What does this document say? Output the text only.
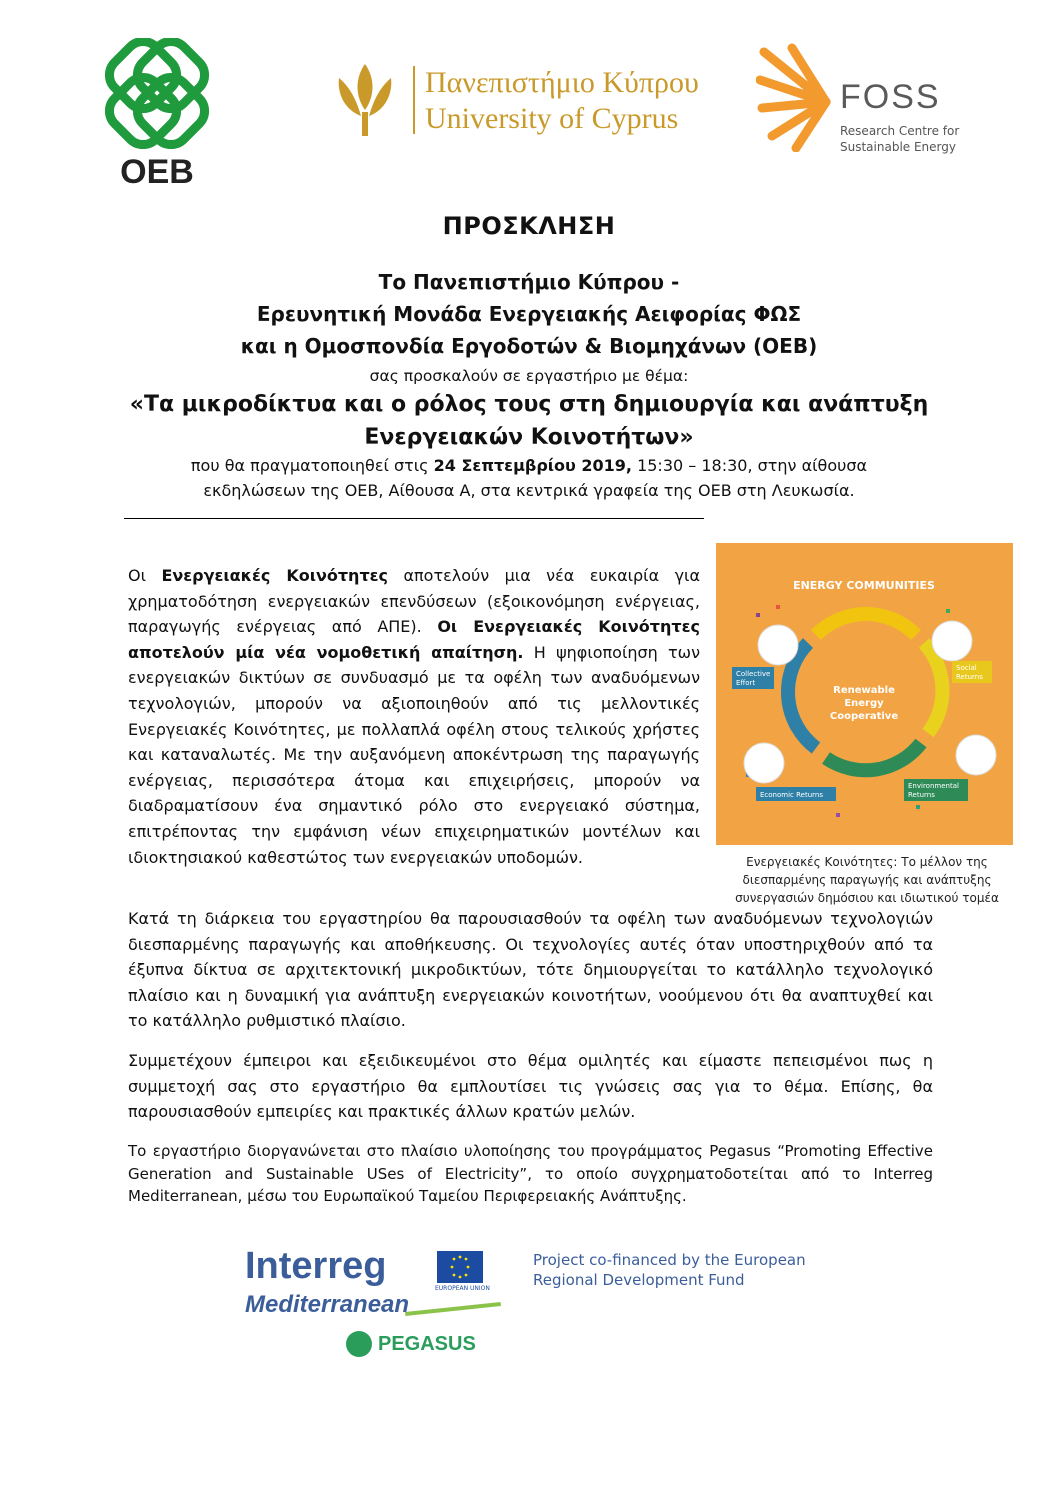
OEB
Πανεπιστήμιο Κύπρου
University of Cyprus
FOSS
Research Centre for
Sustainable Energy
ΠΡΟΣΚΛΗΣΗ
Το Πανεπιστήμιο Κύπρου -
Ερευνητική Μονάδα Ενεργειακής Αειφορίας ΦΩΣ
και η Ομοσπονδία Εργοδοτών & Βιομηχάνων (ΟΕΒ)
σας προσκαλούν σε εργαστήριο με θέμα:
«Τα μικροδίκτυα και ο ρόλος τους στη δημιουργία και ανάπτυξη
Ενεργειακών Κοινοτήτων»
που θα πραγματοποιηθεί στις 24 Σεπτεμβρίου 2019, 15:30 – 18:30, στην αίθουσα
εκδηλώσεων της ΟΕΒ, Αίθουσα Α, στα κεντρικά γραφεία της ΟΕΒ στη Λευκωσία.
Οι Ενεργειακές Κοινότητες αποτελούν μια νέα ευκαιρία για χρηματοδότηση ενεργειακών επενδύσεων (εξοικονόμηση ενέργειας, παραγωγής ενέργειας από ΑΠΕ). Οι Ενεργειακές Κοινότητες αποτελούν μία νέα νομοθετική απαίτηση. Η ψηφιοποίηση των ενεργειακών δικτύων σε συνδυασμό με τα οφέλη των αναδυόμενων τεχνολογιών, μπορούν να αξιοποιηθούν από τις μελλοντικές Ενεργειακές Κοινότητες, με πολλαπλά οφέλη στους τελικούς χρήστες και καταναλωτές. Με την αυξανόμενη αποκέντρωση της παραγωγής ενέργειας, περισσότερα άτομα και επιχειρήσεις, μπορούν να διαδραματίσουν ένα σημαντικό ρόλο στο ενεργειακό σύστημα, επιτρέποντας την εμφάνιση νέων επιχειρηματικών μοντέλων και ιδιοκτησιακού καθεστώτος των ενεργειακών υποδομών.
ENERGY COMMUNITIES
Renewable
Energy
Cooperative
Collective
Effort
Social
Returns
Environmental
Returns
Economic Returns
Ενεργειακές Κοινότητες: Το μέλλον της διεσπαρμένης παραγωγής και ανάπτυξης συνεργασιών δημόσιου και ιδιωτικού τομέα
Κατά τη διάρκεια του εργαστηρίου θα παρουσιασθούν τα οφέλη των αναδυόμενων τεχνολογιών διεσπαρμένης παραγωγής και αποθήκευσης. Οι τεχνολογίες αυτές όταν υποστηριχθούν από τα έξυπνα δίκτυα σε αρχιτεκτονική μικροδικτύων, τότε δημιουργείται το κατάλληλο τεχνολογικό πλαίσιο και η δυναμική για ανάπτυξη ενεργειακών κοινοτήτων, νοούμενου ότι θα αναπτυχθεί και το κατάλληλο ρυθμιστικό πλαίσιο.
Συμμετέχουν έμπειροι και εξειδικευμένοι στο θέμα ομιλητές και είμαστε πεπεισμένοι πως η συμμετοχή σας στο εργαστήριο θα εμπλουτίσει τις γνώσεις σας για το θέμα. Επίσης, θα παρουσιασθούν εμπειρίες και πρακτικές άλλων κρατών μελών.
Το εργαστήριο διοργανώνεται στο πλαίσιο υλοποίησης του προγράμματος Pegasus “Promoting Effective Generation and Sustainable USes of Electricity”, το οποίο συγχρηματοδοτείται από το Interreg Mediterranean, μέσω του Ευρωπαϊκού Ταμείου Περιφερειακής Ανάπτυξης.
Interreg
EUROPEAN UNION
Mediterranean
PEGASUS
Project co-financed by the European
Regional Development Fund
